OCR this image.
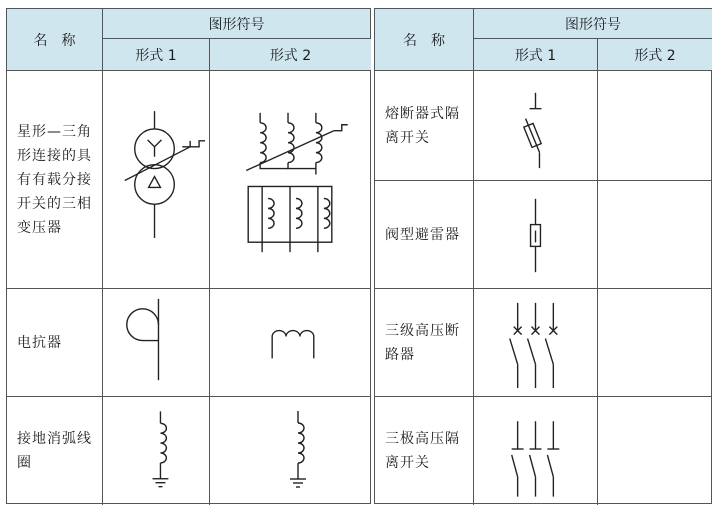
名　称
图形符号
形式 1	形式 2
星形—三角形连接的具有有载分接开关的三相变压器
电抗器
接地消弧线圈
名　称
图形符号
形式 1	形式 2
熔断器式隔离开关
阀型避雷器
三级高压断路器
三极高压隔离开关
